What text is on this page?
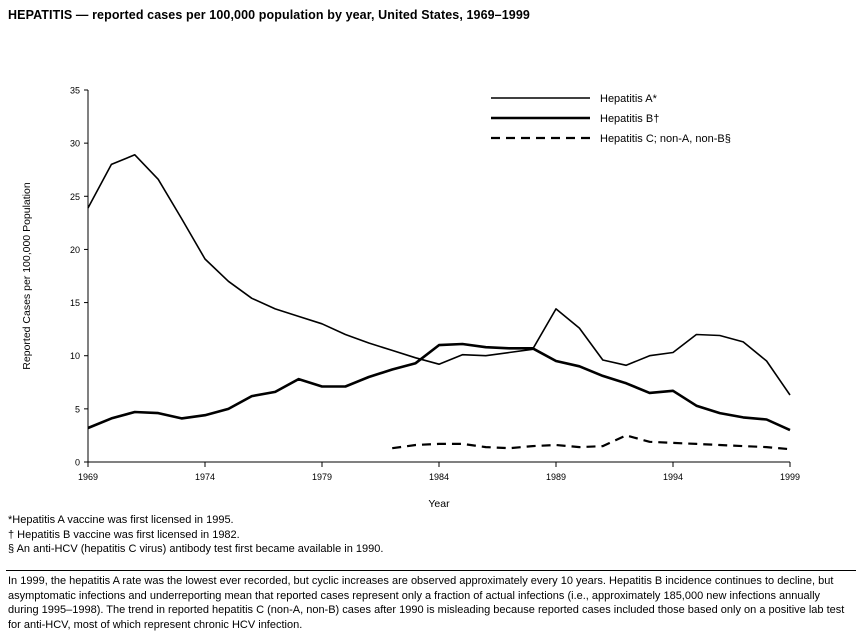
HEPATITIS — reported cases per 100,000 population by year, United States, 1969–1999
0
5
10
15
20
25
30
35
1969	1974	1979	1984	1989	1994	1999
Reported Cases per 100,000 Population
Year
Hepatitis A*
Hepatitis B†
Hepatitis C; non-A, non-B§
*Hepatitis A vaccine was first licensed in 1995.
† Hepatitis B vaccine was first licensed in 1982.
§ An anti-HCV (hepatitis C virus) antibody test first became available in 1990.
In 1999, the hepatitis A rate was the lowest ever recorded, but cyclic increases are observed approximately every 10 years. Hepatitis B incidence continues to decline, but asymptomatic infections and underreporting mean that reported cases represent only a fraction of actual infections (i.e., approximately 185,000 new infections annually during 1995–1998). The trend in reported hepatitis C (non-A, non-B) cases after 1990 is misleading because reported cases included those based only on a positive lab test for anti-HCV, most of which represent chronic HCV infection.
